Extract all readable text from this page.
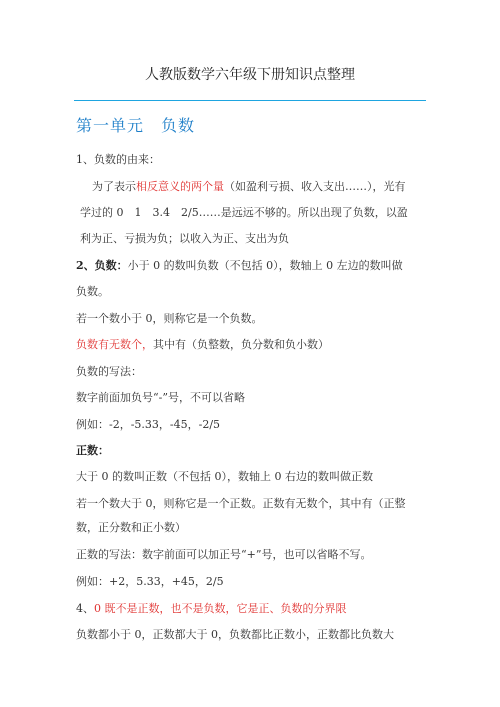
人教版数学六年级下册知识点整理
第一单元　负数

1、负数的由来：

为了表示相反意义的两个量（如盈利亏损、收入支出……），光有

学过的 0　1　3.4　2/5……是远远不够的。所以出现了负数，以盈

利为正、亏损为负；以收入为正、支出为负

2、负数：小于 0 的数叫负数（不包括 0），数轴上 0 左边的数叫做

负数。

若一个数小于 0，则称它是一个负数。

负数有无数个，其中有（负整数，负分数和负小数）

负数的写法：

数字前面加负号“-”号，不可以省略

例如：-2，-5.33，-45，-2/5

正数：

大于 0 的数叫正数（不包括 0），数轴上 0 右边的数叫做正数

若一个数大于 0，则称它是一个正数。正数有无数个，其中有（正整

数，正分数和正小数）

正数的写法：数字前面可以加正号“+”号，也可以省略不写。

例如：+2，5.33，+45，2/5

4、0 既不是正数，也不是负数，它是正、负数的分界限

负数都小于 0，正数都大于 0，负数都比正数小，正数都比负数大
